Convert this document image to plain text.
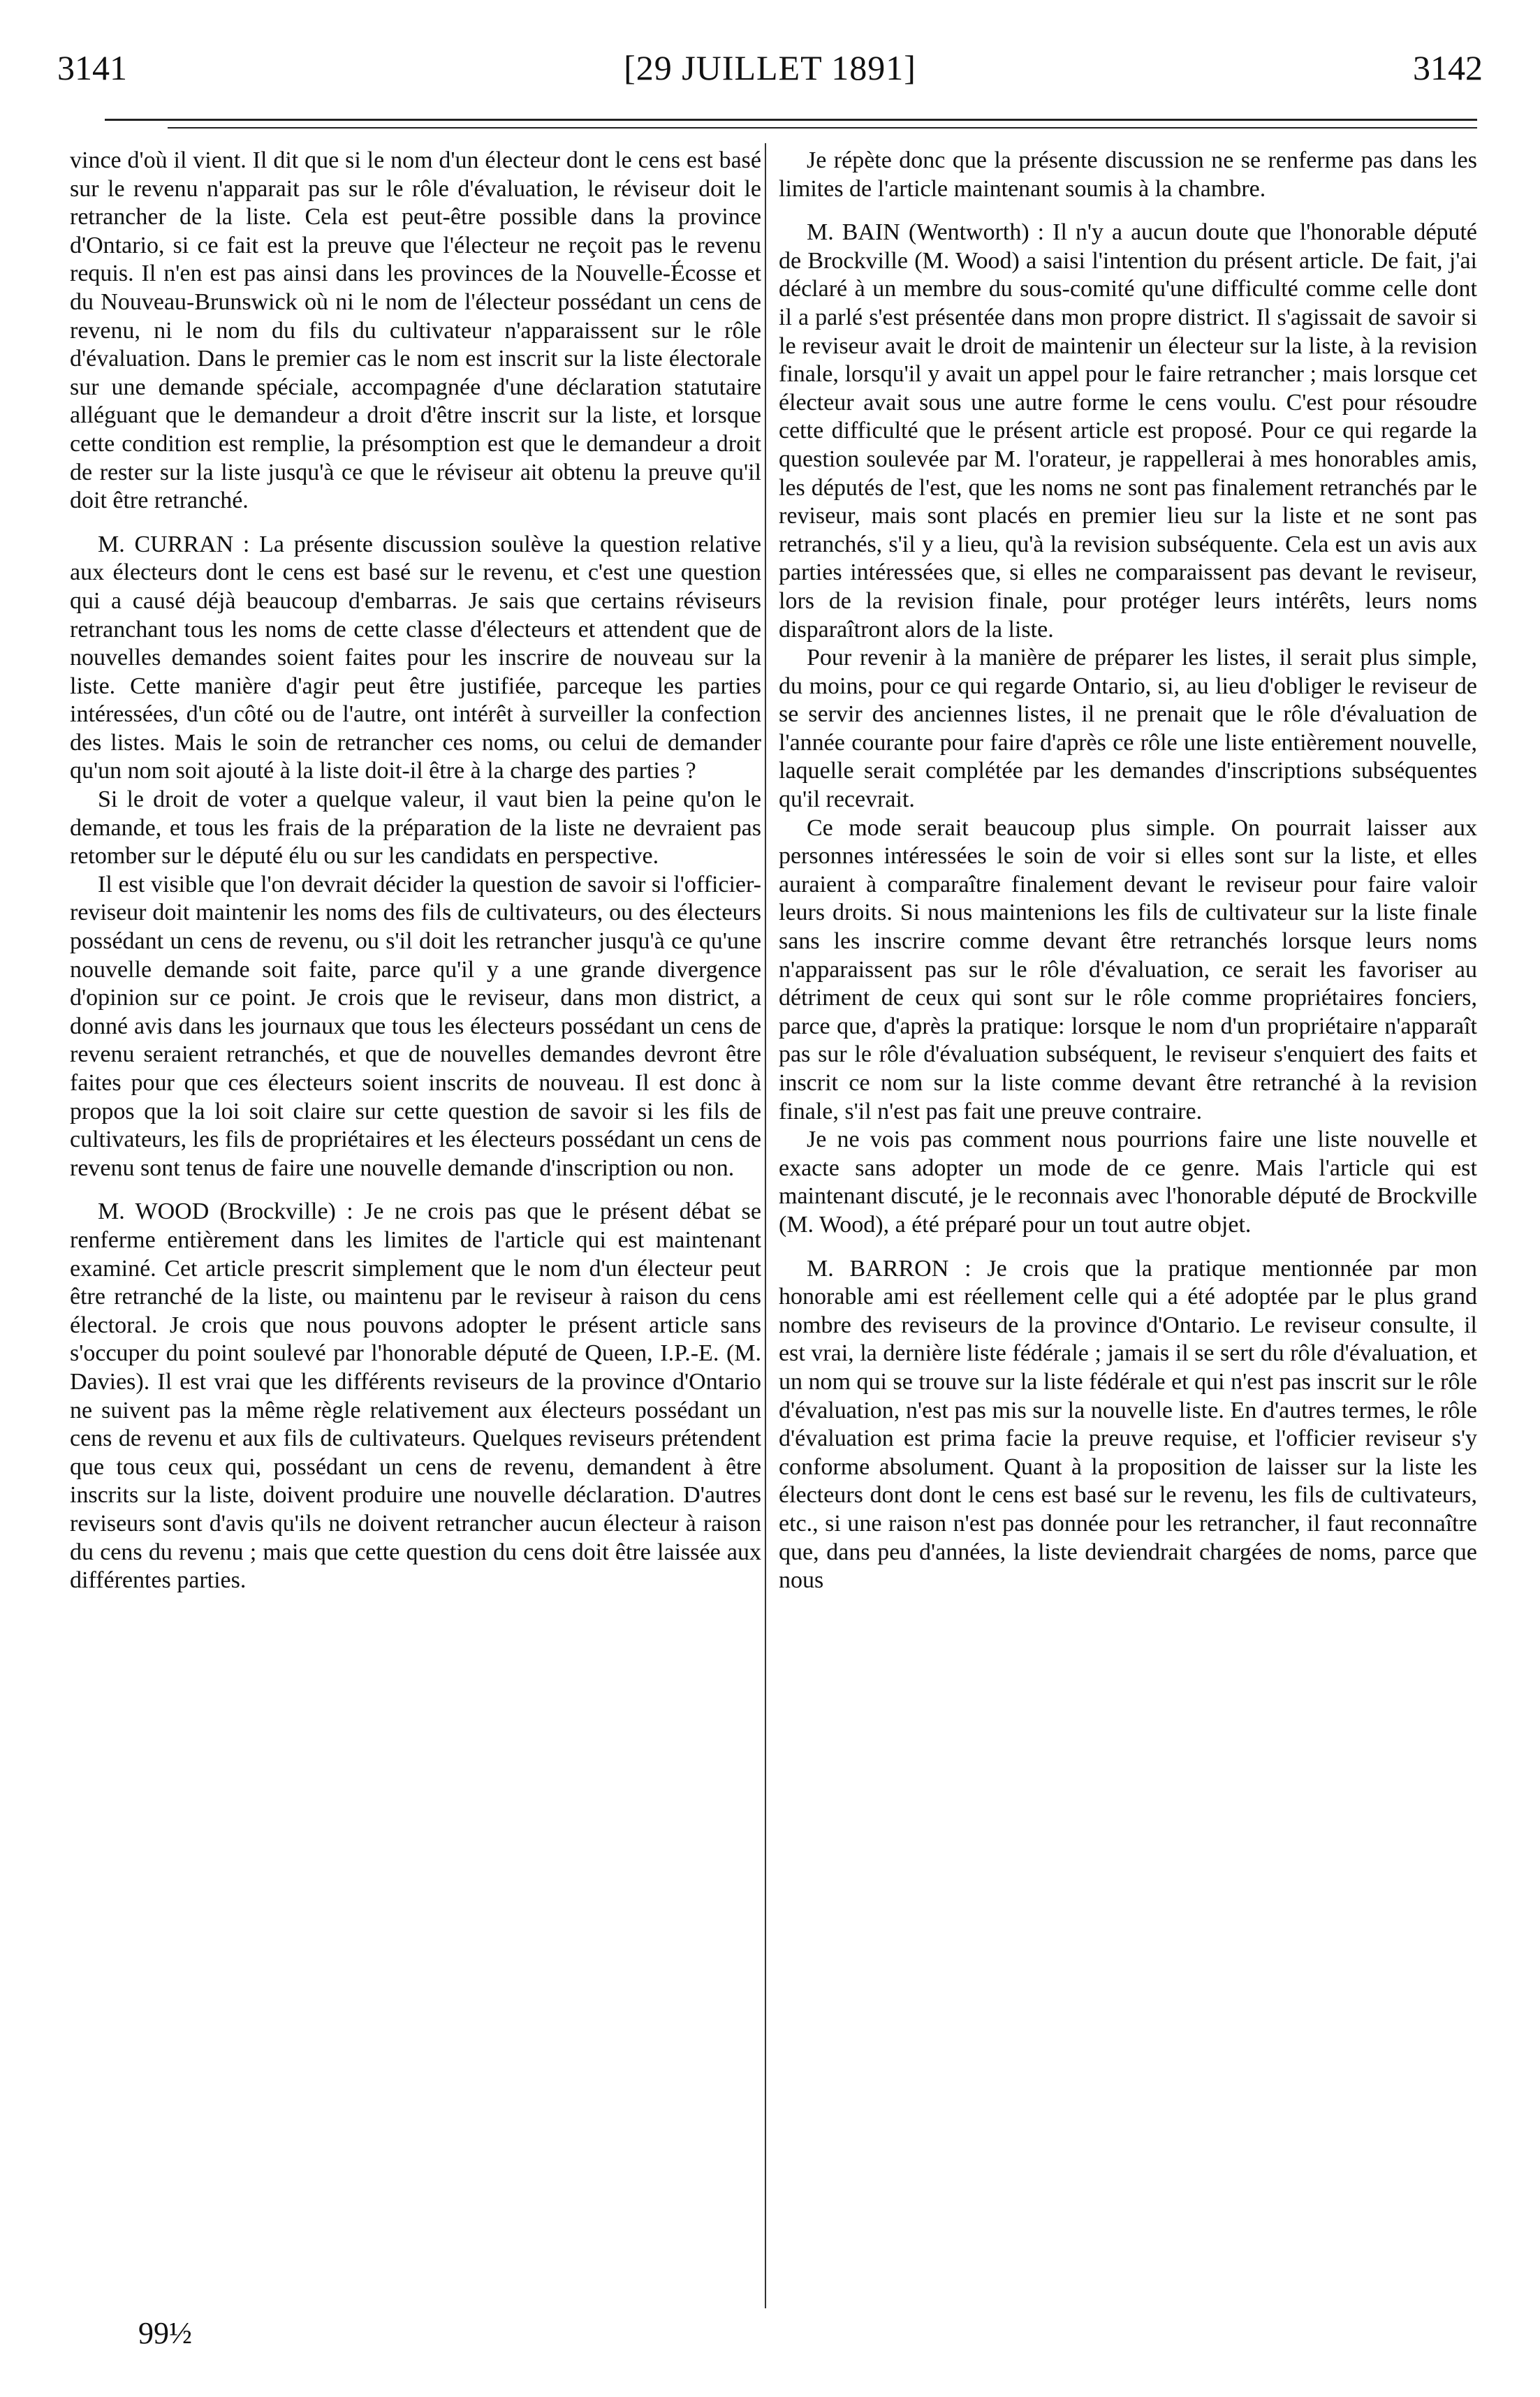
3141	[29 JUILLET 1891]	3142

vince d'où il vient. Il dit que si le nom d'un électeur dont le cens est basé sur le revenu n'apparait pas sur le rôle d'évaluation, le réviseur doit le retrancher de la liste. Cela est peut-être possible dans la province d'Ontario, si ce fait est la preuve que l'électeur ne reçoit pas le revenu requis. Il n'en est pas ainsi dans les provinces de la Nouvelle-Écosse et du Nouveau-Brunswick où ni le nom de l'électeur possédant un cens de revenu, ni le nom du fils du cultivateur n'apparaissent sur le rôle d'évaluation. Dans le premier cas le nom est inscrit sur la liste électorale sur une demande spéciale, accompagnée d'une déclaration statutaire alléguant que le demandeur a droit d'être inscrit sur la liste, et lorsque cette condition est remplie, la présomption est que le demandeur a droit de rester sur la liste jusqu'à ce que le réviseur ait obtenu la preuve qu'il doit être retranché.

M. CURRAN : La présente discussion soulève la question relative aux électeurs dont le cens est basé sur le revenu, et c'est une question qui a causé déjà beaucoup d'embarras. Je sais que certains réviseurs retranchant tous les noms de cette classe d'électeurs et attendent que de nouvelles demandes soient faites pour les inscrire de nouveau sur la liste. Cette manière d'agir peut être justifiée, parceque les parties intéressées, d'un côté ou de l'autre, ont intérêt à surveiller la confection des listes. Mais le soin de retrancher ces noms, ou celui de demander qu'un nom soit ajouté à la liste doit-il être à la charge des parties ?

Si le droit de voter a quelque valeur, il vaut bien la peine qu'on le demande, et tous les frais de la préparation de la liste ne devraient pas retomber sur le député élu ou sur les candidats en perspective.

Il est visible que l'on devrait décider la question de savoir si l'officier-reviseur doit maintenir les noms des fils de cultivateurs, ou des électeurs possédant un cens de revenu, ou s'il doit les retrancher jusqu'à ce qu'une nouvelle demande soit faite, parce qu'il y a une grande divergence d'opinion sur ce point. Je crois que le reviseur, dans mon district, a donné avis dans les journaux que tous les électeurs possédant un cens de revenu seraient retranchés, et que de nouvelles demandes devront être faites pour que ces électeurs soient inscrits de nouveau. Il est donc à propos que la loi soit claire sur cette question de savoir si les fils de cultivateurs, les fils de propriétaires et les électeurs possédant un cens de revenu sont tenus de faire une nouvelle demande d'inscription ou non.

M. WOOD (Brockville) : Je ne crois pas que le présent débat se renferme entièrement dans les limites de l'article qui est maintenant examiné. Cet article prescrit simplement que le nom d'un électeur peut être retranché de la liste, ou maintenu par le reviseur à raison du cens électoral. Je crois que nous pouvons adopter le présent article sans s'occuper du point soulevé par l'honorable député de Queen, I.P.-E. (M. Davies). Il est vrai que les différents reviseurs de la province d'Ontario ne suivent pas la même règle relativement aux électeurs possédant un cens de revenu et aux fils de cultivateurs. Quelques reviseurs prétendent que tous ceux qui, possédant un cens de revenu, demandent à être inscrits sur la liste, doivent produire une nouvelle déclaration. D'autres reviseurs sont d'avis qu'ils ne doivent retrancher aucun électeur à raison du cens du revenu ; mais que cette question du cens doit être laissée aux différentes parties.

Je répète donc que la présente discussion ne se renferme pas dans les limites de l'article maintenant soumis à la chambre.

M. BAIN (Wentworth) : Il n'y a aucun doute que l'honorable député de Brockville (M. Wood) a saisi l'intention du présent article. De fait, j'ai déclaré à un membre du sous-comité qu'une difficulté comme celle dont il a parlé s'est présentée dans mon propre district. Il s'agissait de savoir si le reviseur avait le droit de maintenir un électeur sur la liste, à la revision finale, lorsqu'il y avait un appel pour le faire retrancher ; mais lorsque cet électeur avait sous une autre forme le cens voulu. C'est pour résoudre cette difficulté que le présent article est proposé. Pour ce qui regarde la question soulevée par M. l'orateur, je rappellerai à mes honorables amis, les députés de l'est, que les noms ne sont pas finalement retranchés par le reviseur, mais sont placés en premier lieu sur la liste et ne sont pas retranchés, s'il y a lieu, qu'à la revision subséquente. Cela est un avis aux parties intéressées que, si elles ne comparaissent pas devant le reviseur, lors de la revision finale, pour protéger leurs intérêts, leurs noms disparaîtront alors de la liste.

Pour revenir à la manière de préparer les listes, il serait plus simple, du moins, pour ce qui regarde Ontario, si, au lieu d'obliger le reviseur de se servir des anciennes listes, il ne prenait que le rôle d'évaluation de l'année courante pour faire d'après ce rôle une liste entièrement nouvelle, laquelle serait complétée par les demandes d'inscriptions subséquentes qu'il recevrait.

Ce mode serait beaucoup plus simple. On pourrait laisser aux personnes intéressées le soin de voir si elles sont sur la liste, et elles auraient à comparaître finalement devant le reviseur pour faire valoir leurs droits. Si nous maintenions les fils de cultivateur sur la liste finale sans les inscrire comme devant être retranchés lorsque leurs noms n'apparaissent pas sur le rôle d'évaluation, ce serait les favoriser au détriment de ceux qui sont sur le rôle comme propriétaires fonciers, parce que, d'après la pratique: lorsque le nom d'un propriétaire n'apparaît pas sur le rôle d'évaluation subséquent, le reviseur s'enquiert des faits et inscrit ce nom sur la liste comme devant être retranché à la revision finale, s'il n'est pas fait une preuve contraire.

Je ne vois pas comment nous pourrions faire une liste nouvelle et exacte sans adopter un mode de ce genre. Mais l'article qui est maintenant discuté, je le reconnais avec l'honorable député de Brockville (M. Wood), a été préparé pour un tout autre objet.

M. BARRON : Je crois que la pratique mentionnée par mon honorable ami est réellement celle qui a été adoptée par le plus grand nombre des reviseurs de la province d'Ontario. Le reviseur consulte, il est vrai, la dernière liste fédérale ; jamais il se sert du rôle d'évaluation, et un nom qui se trouve sur la liste fédérale et qui n'est pas inscrit sur le rôle d'évaluation, n'est pas mis sur la nouvelle liste. En d'autres termes, le rôle d'évaluation est prima facie la preuve requise, et l'officier reviseur s'y conforme absolument. Quant à la proposition de laisser sur la liste les électeurs dont dont le cens est basé sur le revenu, les fils de cultivateurs, etc., si une raison n'est pas donnée pour les retrancher, il faut reconnaître que, dans peu d'années, la liste deviendrait chargées de noms, parce que nous

99½
